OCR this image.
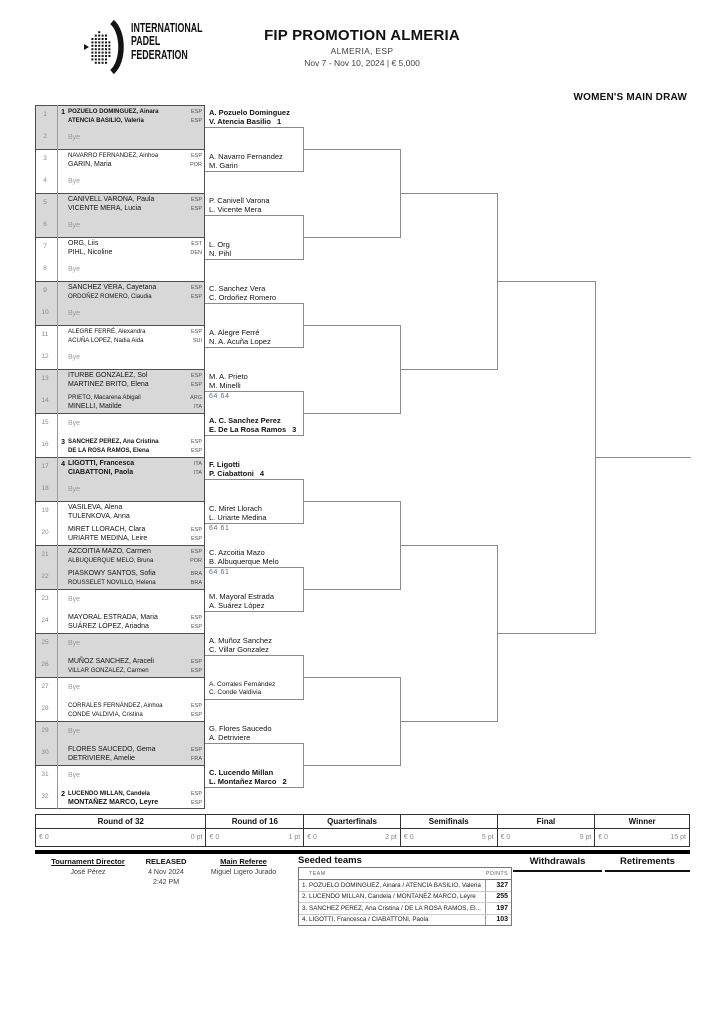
INTERNATIONAL
PADEL
FEDERATION
FIP PROMOTION ALMERIA
ALMERIA, ESP
Nov 7 - Nov 10, 2024 | € 5,000
WOMEN'S MAIN DRAW
1	1 POZUELO DOMINGUEZ, Ainara	ESP
ATENCIA BASILIO, Valeria	ESP
2	Bye
3	NAVARRO FERNANDEZ, Ainhoa	ESP
GARIN, Maria	POR
4	Bye
5	CANIVELL VARONA, Paula	ESP
VICENTE MERA, Lucia	ESP
6	Bye
7	ORG, Liis	EST
PIHL, Nicoline	DEN
8	Bye
9	SANCHEZ VERA, Cayetana	ESP
ORDOÑEZ ROMERO, Claudia	ESP
10	Bye
11	ALEGRE FERRÉ, Alexandra	ESP
ACUÑA LOPEZ, Nadia Aida	SUI
12	Bye
13	ITURBE GONZALEZ, Sol	ESP
MARTINEZ BRITO, Elena	ESP
14	PRIETO, Macarena Abigail	ARG
MINELLI, Matilde	ITA
15	Bye
16	3 SANCHEZ PEREZ, Ana Cristina	ESP
DE LA ROSA RAMOS, Elena	ESP
17	4 LIGOTTI, Francesca	ITA
CIABATTONI, Paola	ITA
18	Bye
19	VASILEVA, Alena
TULENKOVA, Anna
20	MIRET LLORACH, Clara	ESP
URIARTE MEDINA, Leire	ESP
21	AZCOITIA MAZO, Carmen	ESP
ALBUQUERQUE MELO, Bruna	POR
22	PIASKOWY SANTOS, Sofia	BRA
ROUSSELET NOVILLO, Helena	BRA
23	Bye
24	MAYORAL ESTRADA, Maria	ESP
SUÁREZ LÓPEZ, Ariadna	ESP
25	Bye
26	MUÑOZ SANCHEZ, Araceli	ESP
VILLAR GONZALEZ, Carmen	ESP
27	Bye
28	CORRALES FERNÁNDEZ, Ainhoa	ESP
CONDE VALDIVIA, Cristina	ESP
29	Bye
30	FLORES SAUCEDO, Gema	ESP
DETRIVIERE, Amelie	FRA
31	Bye
32	2 LUCENDO MILLAN, Candela	ESP
MONTAÑEZ MARCO, Leyre	ESP
A. Pozuelo Dominguez
V. Atencia Basilio 1
A. Navarro Fernandez
M. Garin
P. Canivell Varona
L. Vicente Mera
L. Org
N. Pihl
C. Sanchez Vera
C. Ordoñez Romero
A. Alegre Ferré
N. A. Acuña Lopez
M. A. Prieto
M. Minelli
64 64
A. C. Sanchez Perez
E. De La Rosa Ramos 3
F. Ligotti
P. Ciabattoni 4
C. Miret Llorach
L. Uriarte Medina
64 61
C. Azcoitia Mazo
B. Albuquerque Melo
64 61
M. Mayoral Estrada
A. Suárez López
A. Muñoz Sanchez
C. Villar Gonzalez
A. Corrales Fernández
C. Conde Valdivia
G. Flores Saucedo
A. Detriviere
C. Lucendo Millan
L. Montañez Marco 2
Round of 32
€ 0	0 pt
Round of 16
€ 0	1 pt
Quarterfinals
€ 0	2 pt
Semifinals
€ 0	5 pt
Final
€ 0	9 pt
Winner
€ 0	15 pt
Tournament Director
José Pérez
RELEASED
4 Nov 2024
2:42 PM
Main Referee
Miguel Ligero Jurado
Seeded teams
TEAM	POINTS
1. POZUELO DOMINGUEZ, Ainara / ATENCIA BASILIO, Valeria	327
2. LUCENDO MILLAN, Candela / MONTAÑEZ MARCO, Leyre	255
3. SANCHEZ PEREZ, Ana Cristina / DE LA ROSA RAMOS, El...	197
4. LIGOTTI, Francesca / CIABATTONI, Paola	103
Withdrawals	Retirements
